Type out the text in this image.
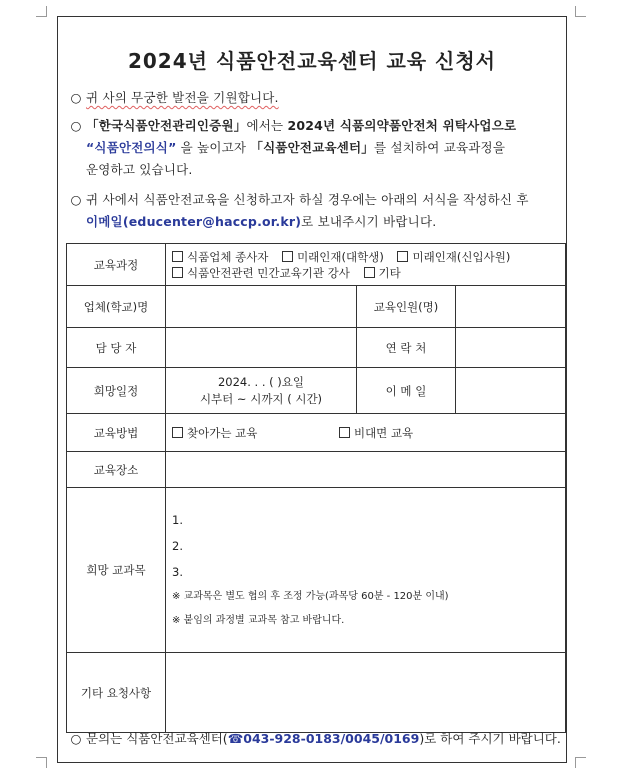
2024년 식품안전교육센터 교육 신청서
○ 귀 사의 무궁한 발전을 기원합니다.
○ 「한국식품안전관리인증원」에서는 2024년 식품의약품안전처 위탁사업으로
“식품안전의식” 을 높이고자 「식품안전교육센터」를 설치하여 교육과정을
운영하고 있습니다.
○ 귀 사에서 식품안전교육을 신청하고자 하실 경우에는 아래의 서식을 작성하신 후
이메일(educenter@haccp.or.kr)로 보내주시기 바랍니다.
교육과정	식품업체 종사자 미래인재(대학생) 미래인재(신입사원)
식품안전관련 민간교육기관 강사 기타		

업체(학교)명		교육인원(명)	
담 당 자		연 락 처	
희망일정	2024. . . ( )요일
시부터 ~ 시까지 ( 시간)	이 메 일	
교육방법	찾아가는 교육 비대면 교육		
교육장소			
희망 교과목	1.
2.
3.
※ 교과목은 별도 협의 후 조정 가능(과목당 60분 - 120분 이내)
※ 붙임의 과정별 교과목 참고 바랍니다.		

기타 요청사항			
○ 문의는 식품안전교육센터(☎043-928-0183/0045/0169)로 하여 주시기 바랍니다.
